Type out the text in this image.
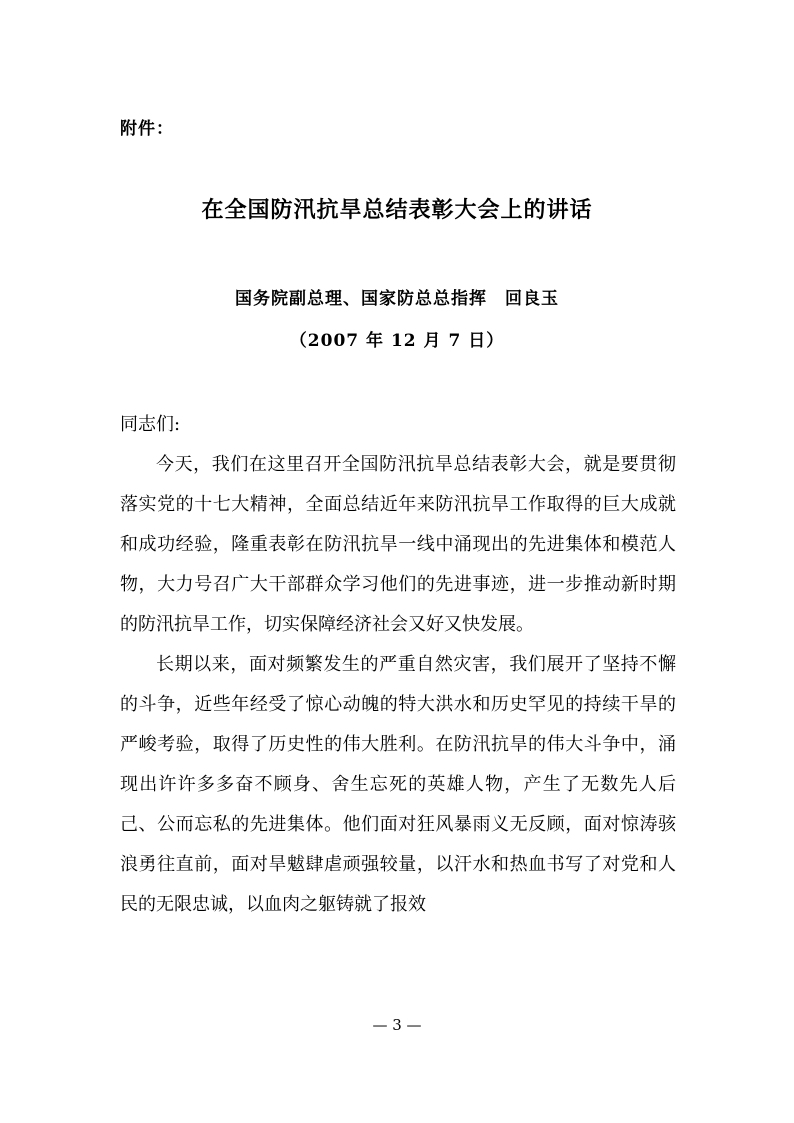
附件：
在全国防汛抗旱总结表彰大会上的讲话
国务院副总理、国家防总总指挥　回良玉
（2007 年 12 月 7 日）

同志们:

今天，我们在这里召开全国防汛抗旱总结表彰大会，就是要贯彻落实党的十七大精神，全面总结近年来防汛抗旱工作取得的巨大成就和成功经验，隆重表彰在防汛抗旱一线中涌现出的先进集体和模范人物，大力号召广大干部群众学习他们的先进事迹，进一步推动新时期的防汛抗旱工作，切实保障经济社会又好又快发展。

长期以来，面对频繁发生的严重自然灾害，我们展开了坚持不懈的斗争，近些年经受了惊心动魄的特大洪水和历史罕见的持续干旱的严峻考验，取得了历史性的伟大胜利。在防汛抗旱的伟大斗争中，涌现出许许多多奋不顾身、舍生忘死的英雄人物，产生了无数先人后己、公而忘私的先进集体。他们面对狂风暴雨义无反顾，面对惊涛骇浪勇往直前，面对旱魃肆虐顽强较量，以汗水和热血书写了对党和人民的无限忠诚，以血肉之躯铸就了报效

— 3 —
